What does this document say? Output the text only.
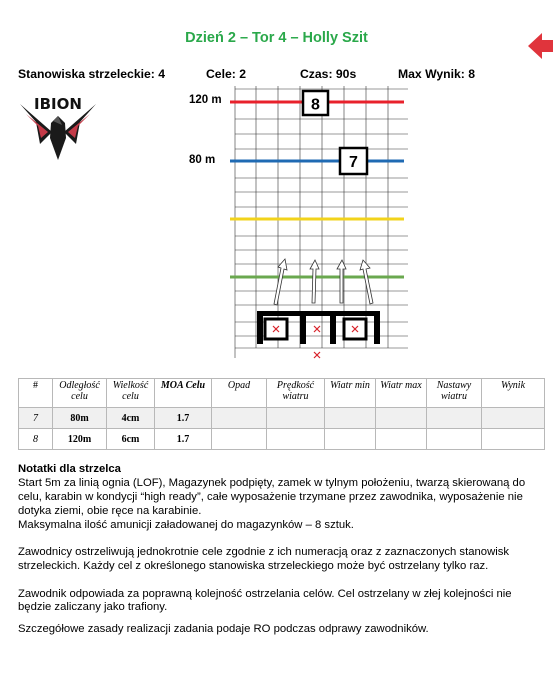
Dzień 2 – Tor 4 – Holly Szit
Stanowiska strzeleckie: 4	Cele: 2	Czas: 90s	Max Wynik: 8
IBION	120 m
80 m
8
7
#	Odległość celu	Wielkość celu	MOA Celu	Opad	Prędkość wiatru	Wiatr min	Wiatr max	Nastawy wiatru	Wynik
7	80m	4cm	1.7						
8	120m	6cm	1.7						

Notatki dla strzelca

Start 5m za linią ognia (LOF), Magazynek podpięty, zamek w tylnym położeniu, twarzą skierowaną do celu, karabin w kondycji “high ready”, całe wyposażenie trzymane przez zawodnika, wyposażenie nie dotyka ziemi, obie ręce na karabinie.

Maksymalna ilość amunicji załadowanej do magazynków – 8 sztuk.

Zawodnicy ostrzeliwują jednokrotnie cele zgodnie z ich numeracją oraz z zaznaczonych stanowisk strzeleckich. Każdy cel z określonego stanowiska strzeleckiego może być ostrzelany tylko raz.

Zawodnik odpowiada za poprawną kolejność ostrzelania celów. Cel ostrzelany w złej kolejności nie będzie zaliczany jako trafiony.

Szczegółowe zasady realizacji zadania podaje RO podczas odprawy zawodników.
